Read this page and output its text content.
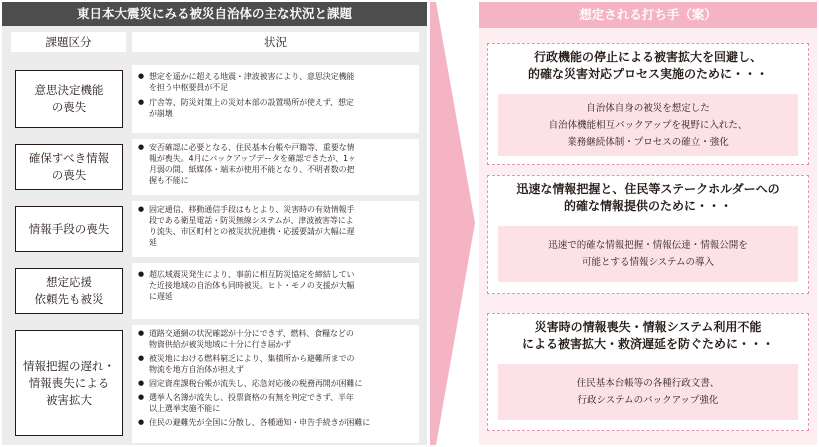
東日本大震災にみる被災自治体の主な状況と課題
課題区分	状況
意思決定機能
の喪失
● 想定を遥かに超える地震・津波被害により、意思決定機能
を担う中枢要員が不足
● 庁舎等、防災対策上の災対本部の設置場所が使えず、想定
が崩壊
確保すべき情報
の喪失
● 安否確認に必要となる、住民基本台帳や戸籍等、重要な情
報が喪失。4月にバックアップデータを確認できたが、1ヶ
月弱の間、紙媒体・端末が使用不能となり、不明者数の把
握も不能に
情報手段の喪失
● 固定通信、移動通信手段はもとより、災害時の有効情報手
段である衛星電話・防災無線システムが、津波被害等によ
り流失、市区町村との被災状況連携・応援要請が大幅に遅
延
想定応援
依頼先も被災
● 超広域震災発生により、事前に相互防災協定を締結してい
た近接地域の自治体も同時被災。ヒト・モノの支援が大幅
に遅延
情報把握の遅れ・
情報喪失による
被害拡大
● 道路交通網の状況確認が十分にできず、燃料、食糧などの
物資供給が被災地域に十分に行き届かず
● 被災地における燃料窮乏により、集積所から避難所までの
物流を地方自治体が担えず
● 固定資産課税台帳が流失し、応急対応後の税務再開が困難に
● 選挙人名簿が流失し、投票資格の有無を判定できず、半年
以上選挙実施不能に
● 住民の避難先が全国に分散し、各種通知・申告手続きが困難に
想定される打ち手（案）
行政機能の停止による被害拡大を回避し、
的確な災害対応プロセス実施のために・・・
自治体自身の被災を想定した
自治体機能相互バックアップを視野に入れた、
業務継続体制・プロセスの確立・強化
迅速な情報把握と、住民等ステークホルダーへの
的確な情報提供のために・・・
迅速で的確な情報把握・情報伝達・情報公開を
可能とする情報システムの導入
災害時の情報喪失・情報システム利用不能
による被害拡大・救済遅延を防ぐために・・・
住民基本台帳等の各種行政文書、
行政システムのバックアップ強化
